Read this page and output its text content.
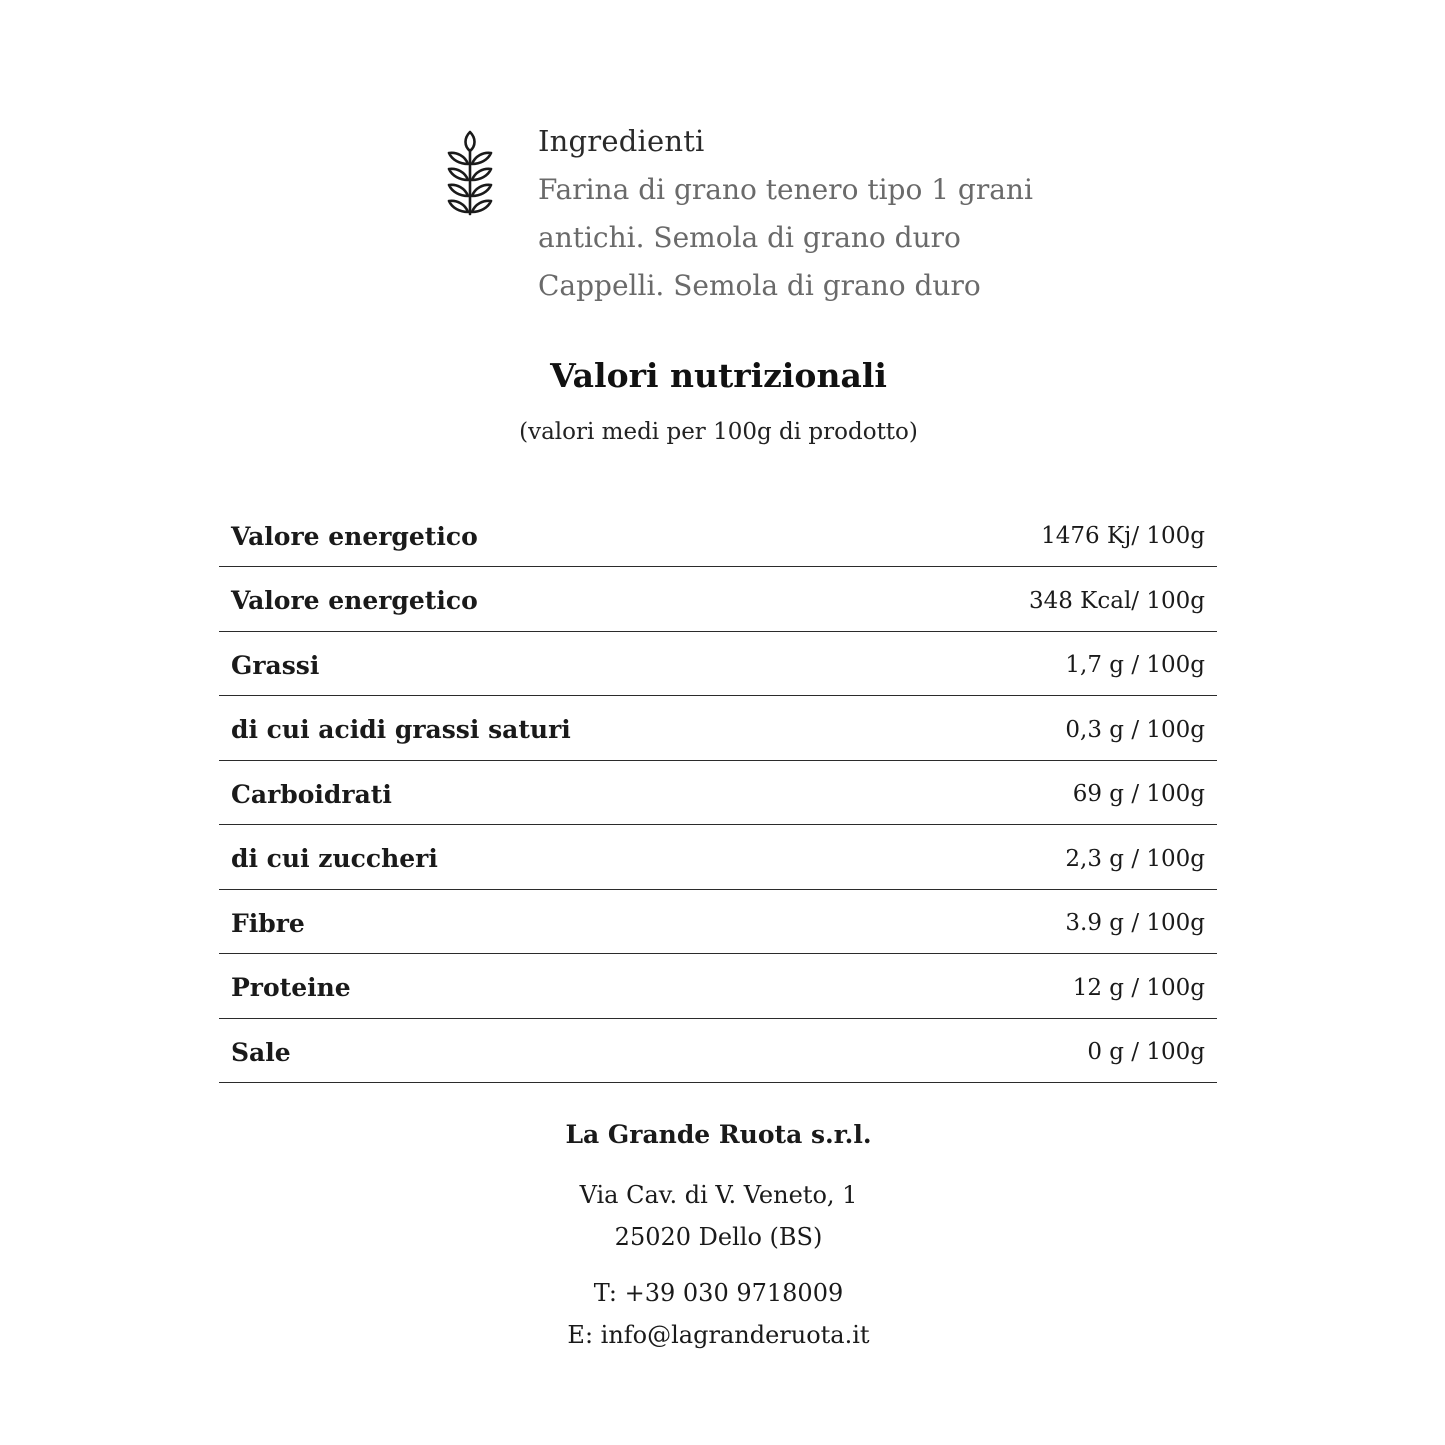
Ingredienti
Farina di grano tenero tipo 1 grani
antichi. Semola di grano duro
Cappelli. Semola di grano duro
Valori nutrizionali
(valori medi per 100g di prodotto)
Valore energetico	1476 Kj/ 100g
Valore energetico	348 Kcal/ 100g
Grassi	1,7 g / 100g
di cui acidi grassi saturi	0,3 g / 100g
Carboidrati	69 g / 100g
di cui zuccheri	2,3 g / 100g
Fibre	3.9 g / 100g
Proteine	12 g / 100g
Sale	0 g / 100g
La Grande Ruota s.r.l.
Via Cav. di V. Veneto, 1
25020 Dello (BS)
T: +39 030 9718009
E: info@lagranderuota.it
